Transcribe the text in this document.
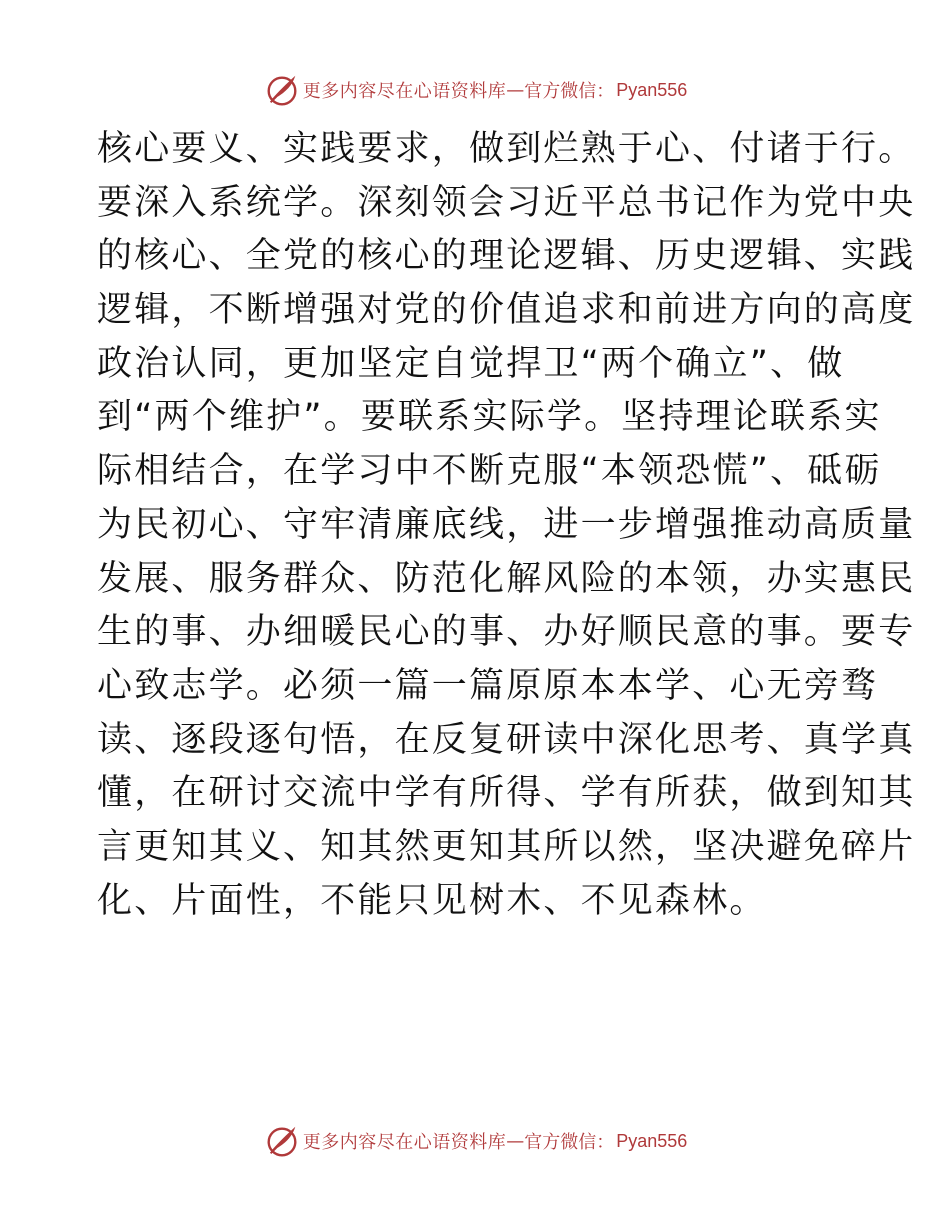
更多内容尽在心语资料库 — 官方微信： Pyan556
核心要义、实践要求，做到烂熟于心、付诸于行。
要深入系统学。深刻领会习近平总书记作为党中央
的核心、全党的核心的理论逻辑、历史逻辑、实践
逻辑，不断增强对党的价值追求和前进方向的高度
政治认同，更加坚定自觉捍卫“两个确立”、做
到“两个维护”。要联系实际学。坚持理论联系实
际相结合，在学习中不断克服“本领恐慌”、砥砺
为民初心、守牢清廉底线，进一步增强推动高质量
发展、服务群众、防范化解风险的本领，办实惠民
生的事、办细暖民心的事、办好顺民意的事。要专
心致志学。必须一篇一篇原原本本学、心无旁骛
读、逐段逐句悟，在反复研读中深化思考、真学真
懂，在研讨交流中学有所得、学有所获，做到知其
言更知其义、知其然更知其所以然，坚决避免碎片
化、片面性，不能只见树木、不见森林。
更多内容尽在心语资料库 — 官方微信： Pyan556
